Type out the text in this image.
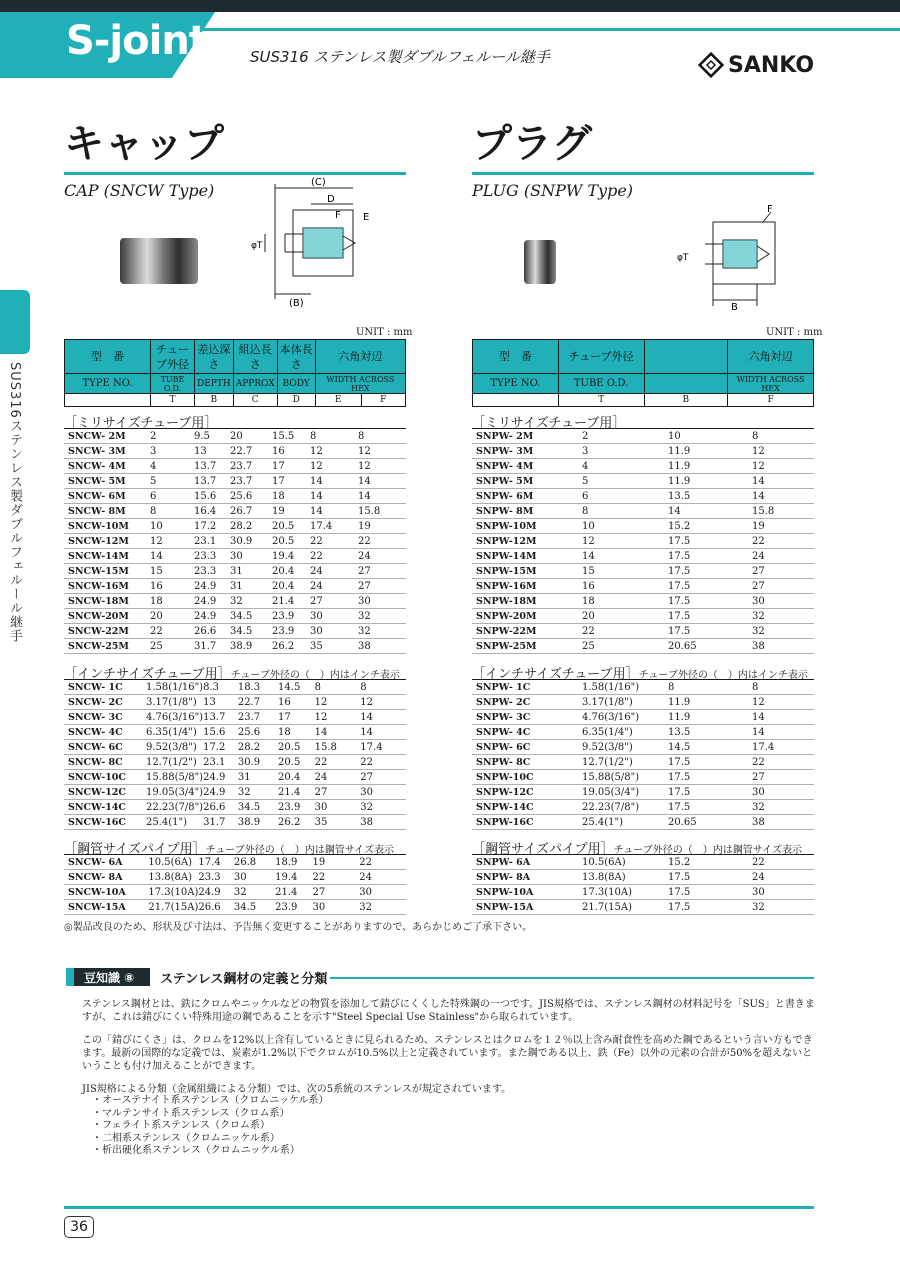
S-joint	SUS316 ステンレス製ダブルフェルール継手	SANKO
SUS316ステンレス製ダブルフェルール継手
キャップ
CAP (SNCW Type)	(C)
D
F E
φT
(B)
UNIT : mm
型　番	チューブ外径	差込深さ	組込長さ	本体長さ	六角対辺	
TYPE NO.	TUBE O.D.	DEPTH	APPROX	BODY	WIDTH ACROSS HEX	
	T	B	C	D	E	F
［ミリサイズチューブ用］
SNCW- 2M	2	9.5	20	15.5	8	8
SNCW- 3M	3	13	22.7	16	12	12
SNCW- 4M	4	13.7	23.7	17	12	12
SNCW- 5M	5	13.7	23.7	17	14	14
SNCW- 6M	6	15.6	25.6	18	14	14
SNCW- 8M	8	16.4	26.7	19	14	15.8
SNCW-10M	10	17.2	28.2	20.5	17.4	19
SNCW-12M	12	23.1	30.9	20.5	22	22
SNCW-14M	14	23.3	30	19.4	22	24
SNCW-15M	15	23.3	31	20.4	24	27
SNCW-16M	16	24.9	31	20.4	24	27
SNCW-18M	18	24.9	32	21.4	27	30
SNCW-20M	20	24.9	34.5	23.9	30	32
SNCW-22M	22	26.6	34.5	23.9	30	32
SNCW-25M	25	31.7	38.9	26.2	35	38
［インチサイズチューブ用］チューブ外径の（　）内はインチ表示
SNCW- 1C	1.58(1/16")	8.3	18.3	14.5	8	8
SNCW- 2C	3.17(1/8")	13	22.7	16	12	12
SNCW- 3C	4.76(3/16")	13.7	23.7	17	12	14
SNCW- 4C	6.35(1/4")	15.6	25.6	18	14	14
SNCW- 6C	9.52(3/8")	17.2	28.2	20.5	15.8	17.4
SNCW- 8C	12.7(1/2")	23.1	30.9	20.5	22	22
SNCW-10C	15.88(5/8")	24.9	31	20.4	24	27
SNCW-12C	19.05(3/4")	24.9	32	21.4	27	30
SNCW-14C	22.23(7/8")	26.6	34.5	23.9	30	32
SNCW-16C	25.4(1")	31.7	38.9	26.2	35	38
［鋼管サイズパイプ用］チューブ外径の（　）内は鋼管サイズ表示
SNCW- 6A	10.5(6A)	17.4	26.8	18.9	19	22
SNCW- 8A	13.8(8A)	23.3	30	19.4	22	24
SNCW-10A	17.3(10A)	24.9	32	21.4	27	30
SNCW-15A	21.7(15A)	26.6	34.5	23.9	30	32
プラグ
PLUG (SNPW Type)
F
φT
B
UNIT : mm
型　番	チューブ外径		六角対辺
TYPE NO.	TUBE O.D.		WIDTH ACROSS HEX
	T	B	F
［ミリサイズチューブ用］
SNPW- 2M	2	10	8
SNPW- 3M	3	11.9	12
SNPW- 4M	4	11.9	12
SNPW- 5M	5	11.9	14
SNPW- 6M	6	13.5	14
SNPW- 8M	8	14	15.8
SNPW-10M	10	15.2	19
SNPW-12M	12	17.5	22
SNPW-14M	14	17.5	24
SNPW-15M	15	17.5	27
SNPW-16M	16	17.5	27
SNPW-18M	18	17.5	30
SNPW-20M	20	17.5	32
SNPW-22M	22	17.5	32
SNPW-25M	25	20.65	38
［インチサイズチューブ用］チューブ外径の（　）内はインチ表示
SNPW- 1C	1.58(1/16")	8	8
SNPW- 2C	3.17(1/8")	11.9	12
SNPW- 3C	4.76(3/16")	11.9	14
SNPW- 4C	6.35(1/4")	13.5	14
SNPW- 6C	9.52(3/8")	14.5	17.4
SNPW- 8C	12.7(1/2")	17.5	22
SNPW-10C	15.88(5/8")	17.5	27
SNPW-12C	19.05(3/4")	17.5	30
SNPW-14C	22.23(7/8")	17.5	32
SNPW-16C	25.4(1")	20.65	38
［鋼管サイズパイプ用］チューブ外径の（　）内は鋼管サイズ表示
SNPW- 6A	10.5(6A)	15.2	22
SNPW- 8A	13.8(8A)	17.5	24
SNPW-10A	17.3(10A)	17.5	30
SNPW-15A	21.7(15A)	17.5	32
◎製品改良のため、形状及び寸法は、予告無く変更することがありますので、あらかじめご了承下さい。
豆知識 ⑧ ステンレス鋼材の定義と分類
ステンレス鋼材とは、鉄にクロムやニッケルなどの物質を添加して錆びにくくした特殊鋼の一つです。JIS規格では、ステンレス鋼材の材料記号を「SUS」と書きますが、これは錆びにくい特殊用途の鋼であることを示す"Steel Special Use Stainless"から取られています。
この「錆びにくさ」は、クロムを12%以上含有しているときに見られるため、ステンレスとはクロムを１２％以上含み耐食性を高めた鋼であるという言い方もできます。最新の国際的な定義では、炭素が1.2%以下でクロムが10.5%以上と定義されています。また鋼である以上、鉄（Fe）以外の元素の合計が50%を超えないということも付け加えることができます。
JIS規格による分類（金属組織による分類）では、次の5系統のステンレスが規定されています。
・オーステナイト系ステンレス（クロムニッケル系）
・マルテンサイト系ステンレス（クロム系）
・フェライト系ステンレス（クロム系）
・二相系ステンレス（クロムニッケル系）
・析出硬化系ステンレス（クロムニッケル系）
36
